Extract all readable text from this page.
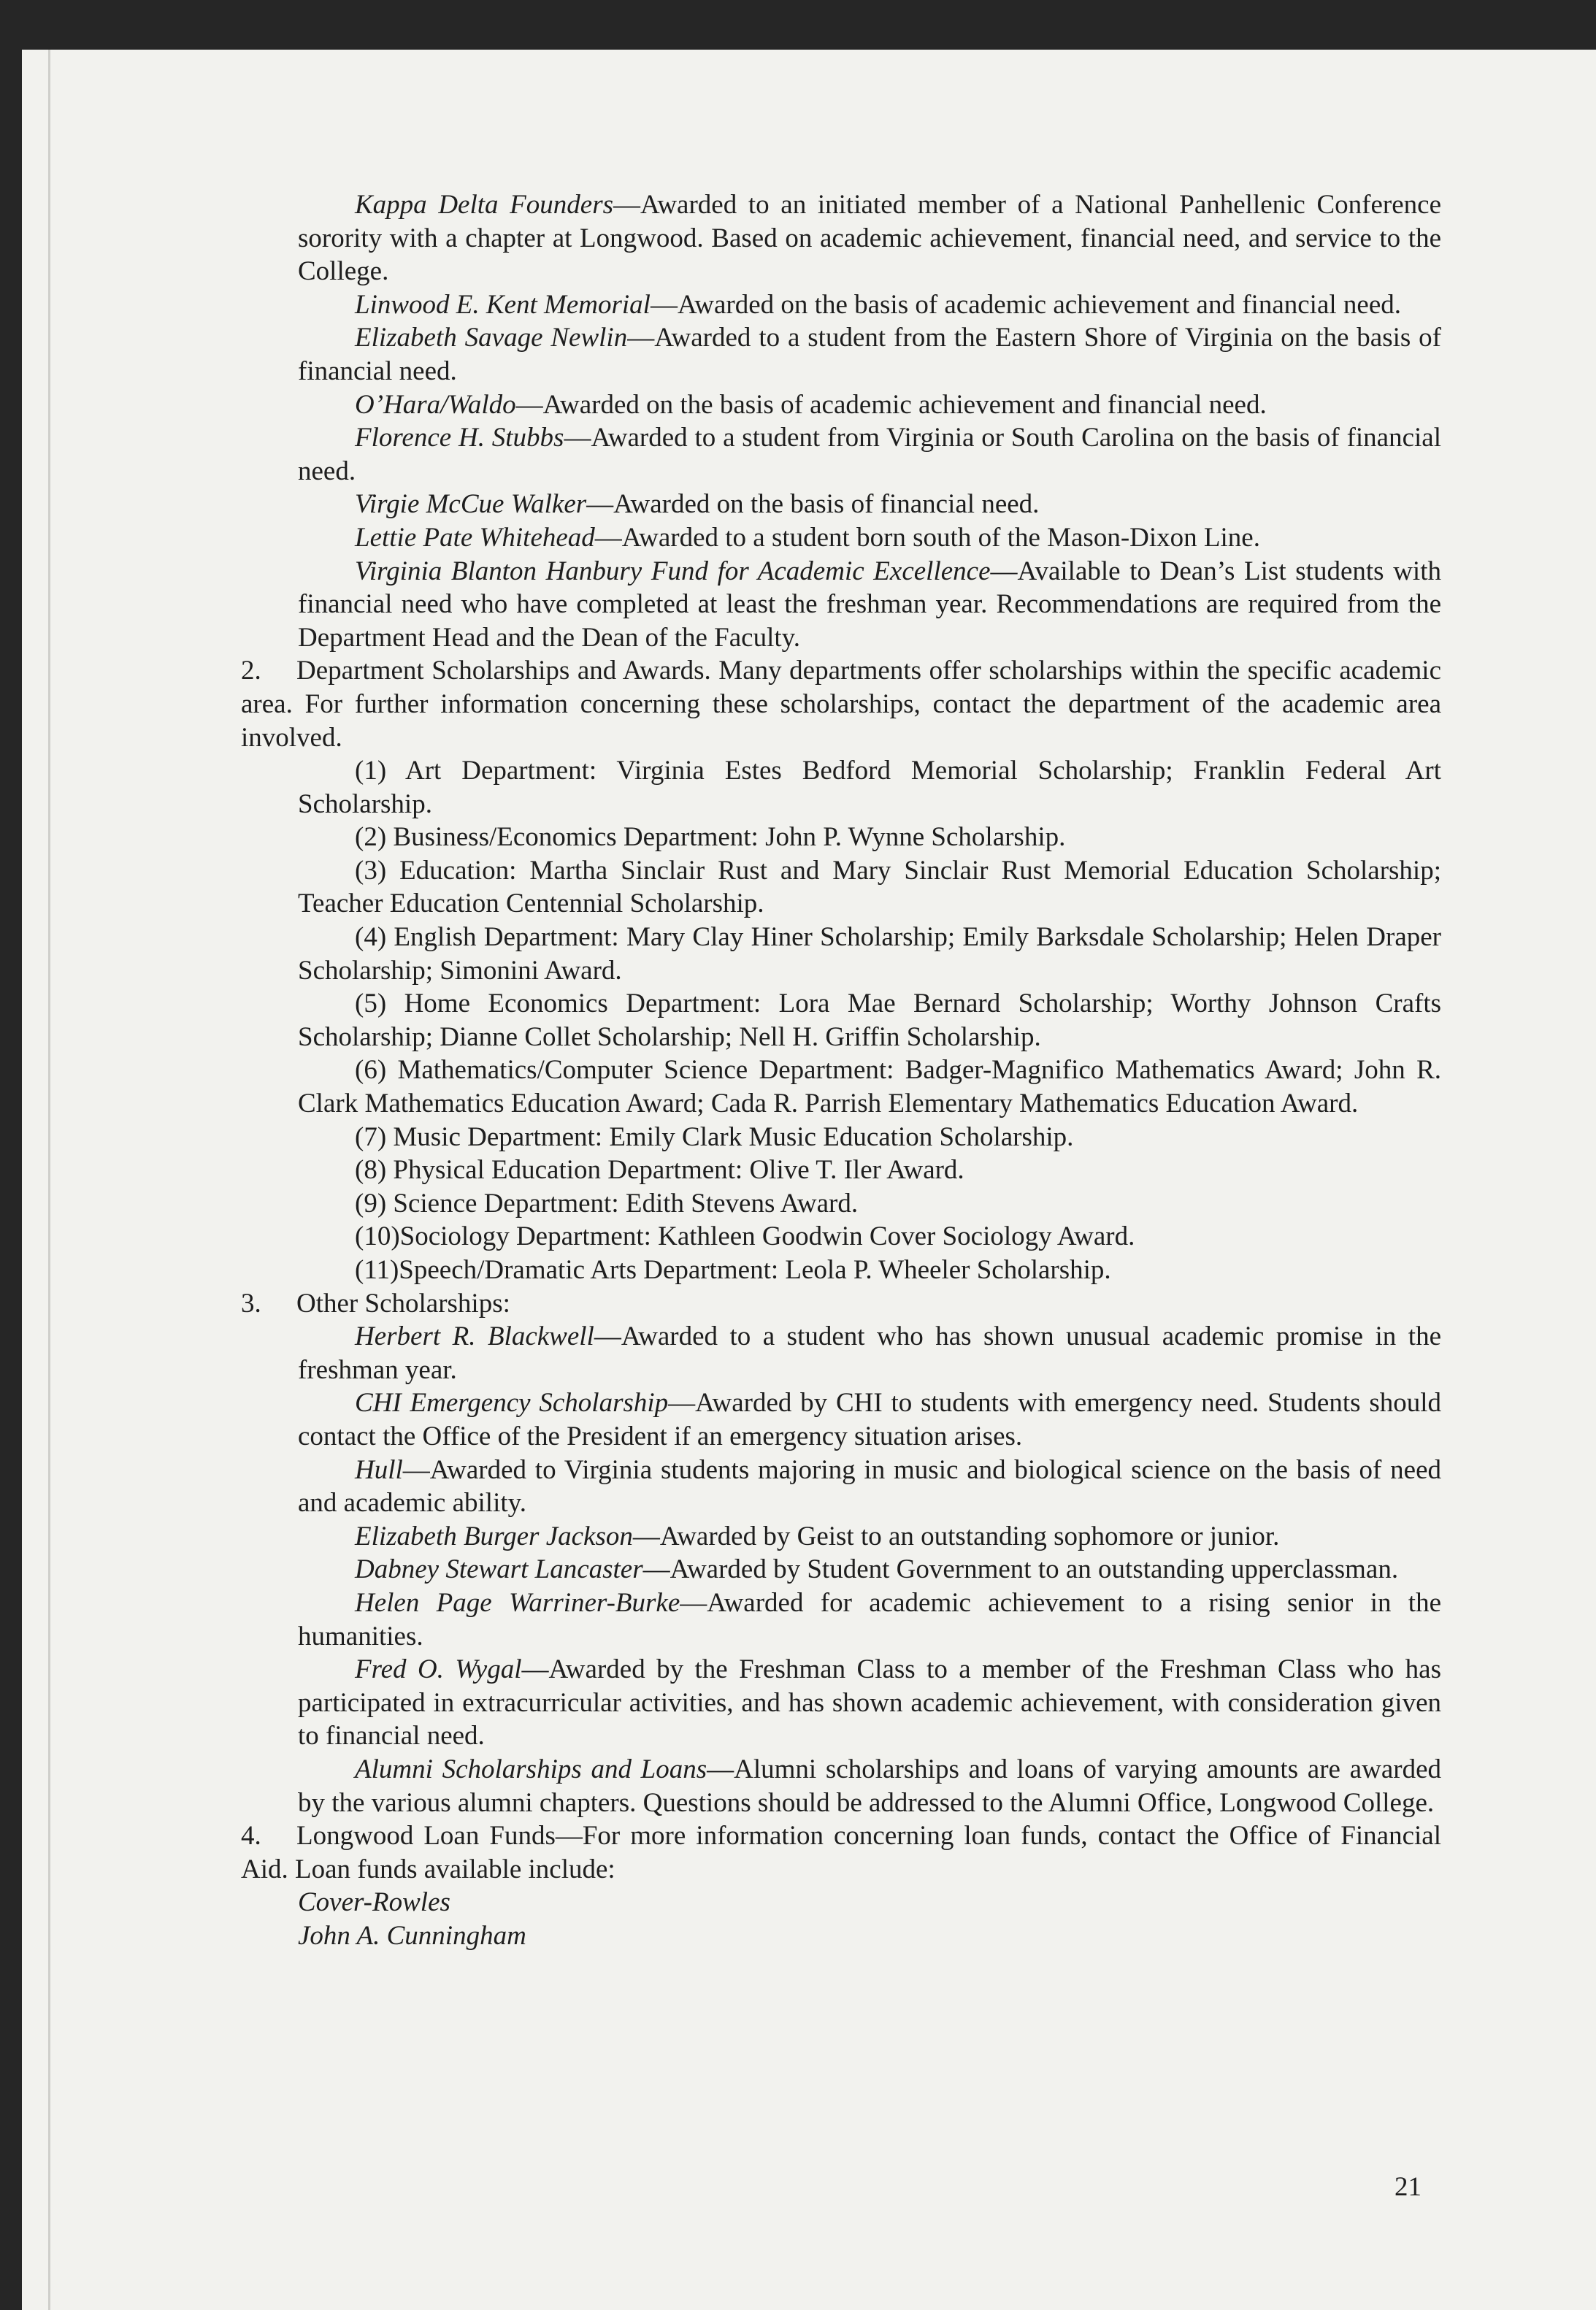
Kappa Delta Founders—Awarded to an initiated member of a National Panhellenic Conference sorority with a chapter at Longwood. Based on academic achievement, financial need, and service to the College.

Linwood E. Kent Memorial—Awarded on the basis of academic achievement and financial need.

Elizabeth Savage Newlin—Awarded to a student from the Eastern Shore of Virginia on the basis of financial need.

O’Hara/Waldo—Awarded on the basis of academic achievement and financial need.

Florence H. Stubbs—Awarded to a student from Virginia or South Carolina on the basis of financial need.

Virgie McCue Walker—Awarded on the basis of financial need.

Lettie Pate Whitehead—Awarded to a student born south of the Mason-Dixon Line.

Virginia Blanton Hanbury Fund for Academic Excellence—Available to Dean’s List students with financial need who have completed at least the freshman year. Recommendations are required from the Department Head and the Dean of the Faculty.

2. Department Scholarships and Awards. Many departments offer scholarships within the specific academic area. For further information concerning these scholarships, contact the department of the academic area involved.

(1) Art Department: Virginia Estes Bedford Memorial Scholarship; Franklin Federal Art Scholarship.

(2) Business/Economics Department: John P. Wynne Scholarship.

(3) Education: Martha Sinclair Rust and Mary Sinclair Rust Memorial Education Scholarship; Teacher Education Centennial Scholarship.

(4) English Department: Mary Clay Hiner Scholarship; Emily Barksdale Scholarship; Helen Draper Scholarship; Simonini Award.

(5) Home Economics Department: Lora Mae Bernard Scholarship; Worthy Johnson Crafts Scholarship; Dianne Collet Scholarship; Nell H. Griffin Scholarship.

(6) Mathematics/Computer Science Department: Badger-Magnifico Mathematics Award; John R. Clark Mathematics Education Award; Cada R. Parrish Elementary Mathematics Education Award.

(7) Music Department: Emily Clark Music Education Scholarship.

(8) Physical Education Department: Olive T. Iler Award.

(9) Science Department: Edith Stevens Award.

(10)Sociology Department: Kathleen Goodwin Cover Sociology Award.

(11)Speech/Dramatic Arts Department: Leola P. Wheeler Scholarship.

3. Other Scholarships:

Herbert R. Blackwell—Awarded to a student who has shown unusual academic promise in the freshman year.

CHI Emergency Scholarship—Awarded by CHI to students with emergency need. Students should contact the Office of the President if an emergency situation arises.

Hull—Awarded to Virginia students majoring in music and biological science on the basis of need and academic ability.

Elizabeth Burger Jackson—Awarded by Geist to an outstanding sophomore or junior.

Dabney Stewart Lancaster—Awarded by Student Government to an outstanding upperclassman.

Helen Page Warriner-Burke—Awarded for academic achievement to a rising senior in the humanities.

Fred O. Wygal—Awarded by the Freshman Class to a member of the Freshman Class who has participated in extracurricular activities, and has shown academic achievement, with consideration given to financial need.

Alumni Scholarships and Loans—Alumni scholarships and loans of varying amounts are awarded by the various alumni chapters. Questions should be addressed to the Alumni Office, Longwood College.

4. Longwood Loan Funds—For more information concerning loan funds, contact the Office of Financial Aid. Loan funds available include:

Cover-Rowles

John A. Cunningham

21
